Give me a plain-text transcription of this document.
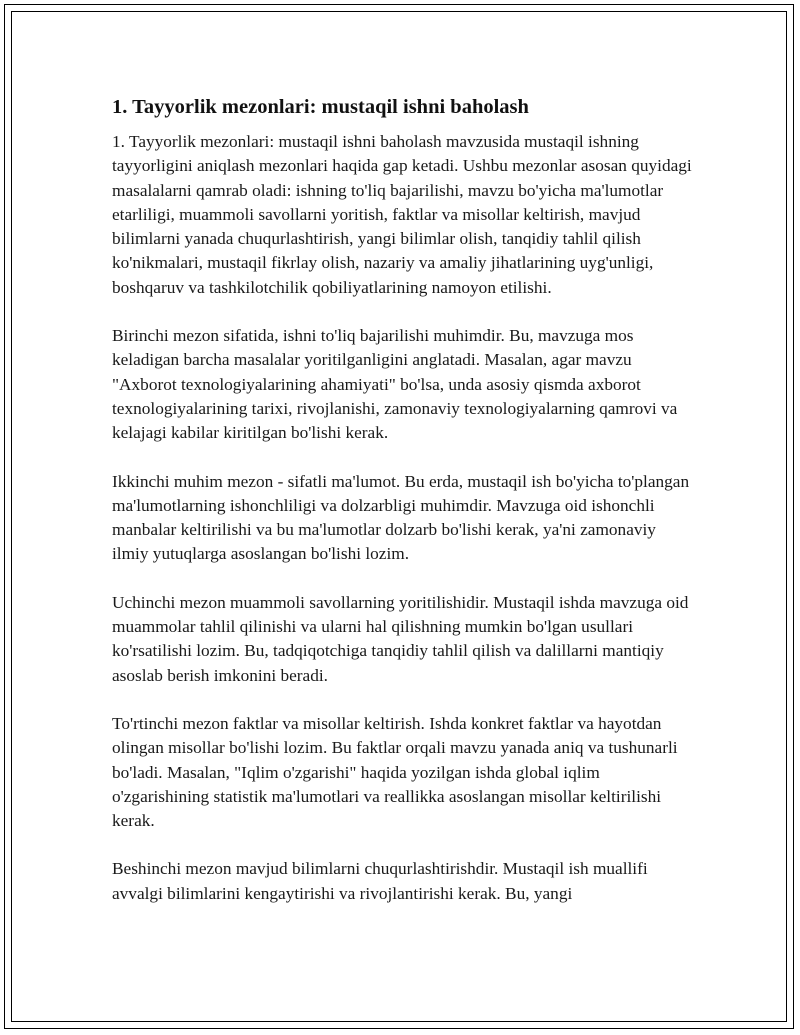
1. Tayyorlik mezonlari: mustaqil ishni baholash

1. Tayyorlik mezonlari: mustaqil ishni baholash mavzusida mustaqil ishning tayyorligini aniqlash mezonlari haqida gap ketadi. Ushbu mezonlar asosan quyidagi masalalarni qamrab oladi: ishning to'liq bajarilishi, mavzu bo'yicha ma'lumotlar etarliligi, muammoli savollarni yoritish, faktlar va misollar keltirish, mavjud bilimlarni yanada chuqurlashtirish, yangi bilimlar olish, tanqidiy tahlil qilish ko'nikmalari, mustaqil fikrlay olish, nazariy va amaliy jihatlarining uyg'unligi, boshqaruv va tashkilotchilik qobiliyatlarining namoyon etilishi.

Birinchi mezon sifatida, ishni to'liq bajarilishi muhimdir. Bu, mavzuga mos keladigan barcha masalalar yoritilganligini anglatadi. Masalan, agar mavzu "Axborot texnologiyalarining ahamiyati" bo'lsa, unda asosiy qismda axborot texnologiyalarining tarixi, rivojlanishi, zamonaviy texnologiyalarning qamrovi va kelajagi kabilar kiritilgan bo'lishi kerak.

Ikkinchi muhim mezon - sifatli ma'lumot. Bu erda, mustaqil ish bo'yicha to'plangan ma'lumotlarning ishonchliligi va dolzarbligi muhimdir. Mavzuga oid ishonchli manbalar keltirilishi va bu ma'lumotlar dolzarb bo'lishi kerak, ya'ni zamonaviy ilmiy yutuqlarga asoslangan bo'lishi lozim.

Uchinchi mezon muammoli savollarning yoritilishidir. Mustaqil ishda mavzuga oid muammolar tahlil qilinishi va ularni hal qilishning mumkin bo'lgan usullari ko'rsatilishi lozim. Bu, tadqiqotchiga tanqidiy tahlil qilish va dalillarni mantiqiy asoslab berish imkonini beradi.

To'rtinchi mezon faktlar va misollar keltirish. Ishda konkret faktlar va hayotdan olingan misollar bo'lishi lozim. Bu faktlar orqali mavzu yanada aniq va tushunarli bo'ladi. Masalan, "Iqlim o'zgarishi" haqida yozilgan ishda global iqlim o'zgarishining statistik ma'lumotlari va reallikka asoslangan misollar keltirilishi kerak.

Beshinchi mezon mavjud bilimlarni chuqurlashtirishdir. Mustaqil ish muallifi avvalgi bilimlarini kengaytirishi va rivojlantirishi kerak. Bu, yangi
